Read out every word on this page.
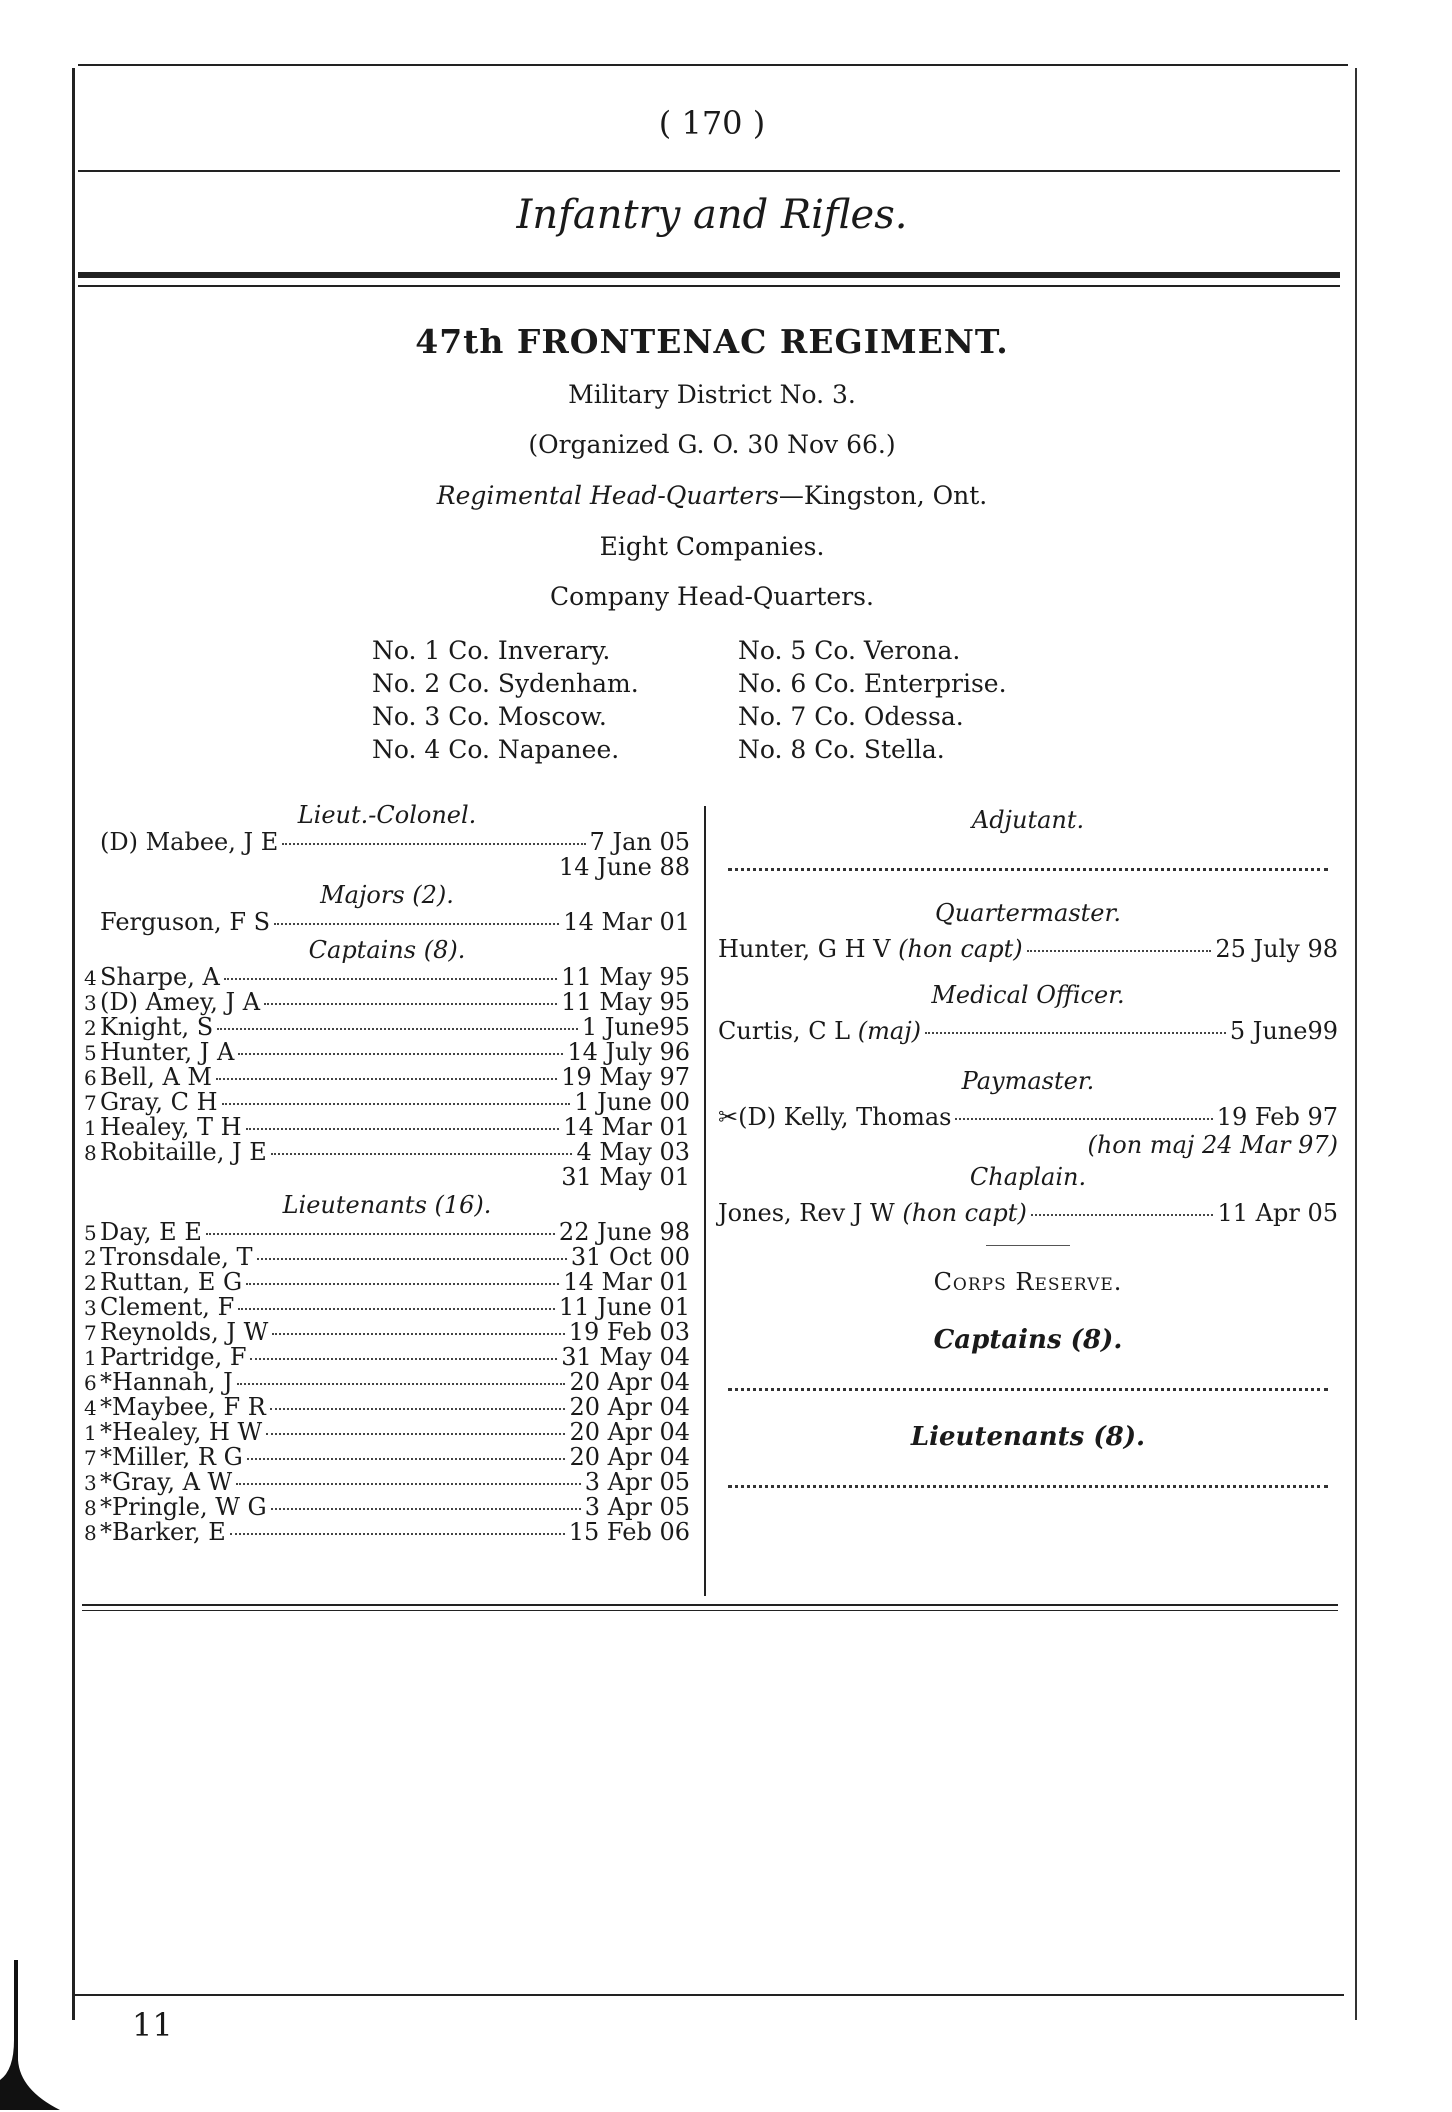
( 170 )
Infantry and Rifles.
47th FRONTENAC REGIMENT.
Military District No. 3.
(Organized G. O. 30 Nov 66.)
Regimental Head-Quarters—Kingston, Ont.
Eight Companies.
Company Head-Quarters.
No. 1 Co. Inverary.
No. 2 Co. Sydenham.
No. 3 Co. Moscow.
No. 4 Co. Napanee.
No. 5 Co. Verona.
No. 6 Co. Enterprise.
No. 7 Co. Odessa.
No. 8 Co. Stella.
Lieut.-Colonel.
(D) Mabee, J E	7 Jan 05
14 June 88
Majors (2).
Ferguson, F S	14 Mar 01
Captains (8).
4 Sharpe, A	11 May 95
3 (D) Amey, J A	11 May 95
2 Knight, S	1 June95
5 Hunter, J A	14 July 96
6 Bell, A M	19 May 97
7 Gray, C H	1 June 00
1 Healey, T H	14 Mar 01
8 Robitaille, J E	4 May 03
31 May 01
Lieutenants (16).
5 Day, E E	22 June 98
2 Tronsdale, T	31 Oct 00
2 Ruttan, E G	14 Mar 01
3 Clement, F	11 June 01
7 Reynolds, J W	19 Feb 03
1 Partridge, F	31 May 04
6 *Hannah, J	20 Apr 04
4 *Maybee, F R	20 Apr 04
1 *Healey, H W	20 Apr 04
7 *Miller, R G	20 Apr 04
3 *Gray, A W	3 Apr 05
8 *Pringle, W G	3 Apr 05
8 *Barker, E	15 Feb 06
Adjutant.
Quartermaster.
Hunter, G H V
(hon capt)	25 July 98
Medical Officer.
Curtis, C L
(maj)	5 June99
Paymaster.
✂(D) Kelly, Thomas	19 Feb 97
(hon maj 24 Mar 97)
Chaplain.
Jones, Rev J W
(hon capt)	11 Apr 05
Corps Reserve.
Captains (8).
Lieutenants (8).
11
